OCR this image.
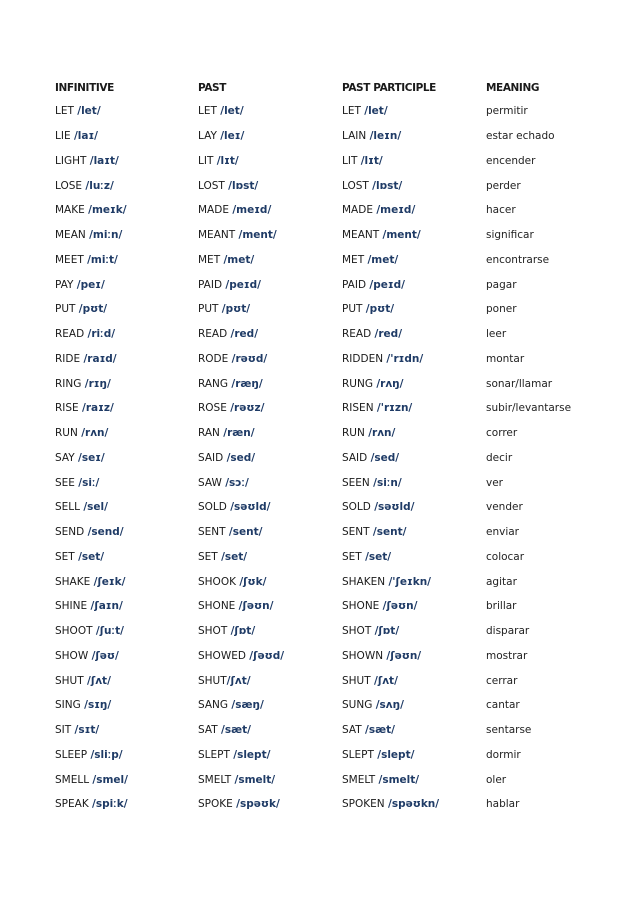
INFINITIVE	PAST	PAST PARTICIPLE	MEANING
LET /let/	LET /let/	LET /let/	permitir
LIE /laɪ/	LAY /leɪ/	LAIN /leɪn/	estar echado
LIGHT /laɪt/	LIT /lɪt/	LIT /lɪt/	encender
LOSE /luːz/	LOST /lɒst/	LOST /lɒst/	perder
MAKE /meɪk/	MADE /meɪd/	MADE /meɪd/	hacer
MEAN /miːn/	MEANT /ment/	MEANT /ment/	significar
MEET /miːt/	MET /met/	MET /met/	encontrarse
PAY /peɪ/	PAID /peɪd/	PAID /peɪd/	pagar
PUT /pʊt/	PUT /pʊt/	PUT /pʊt/	poner
READ /riːd/	READ /red/	READ /red/	leer
RIDE /raɪd/	RODE /rəʊd/	RIDDEN /'rɪdn/	montar
RING /rɪŋ/	RANG /ræŋ/	RUNG /rʌŋ/	sonar/llamar
RISE /raɪz/	ROSE /rəʊz/	RISEN /'rɪzn/	subir/levantarse
RUN /rʌn/	RAN /ræn/	RUN /rʌn/	correr
SAY /seɪ/	SAID /sed/	SAID /sed/	decir
SEE /siː/	SAW /sɔː/	SEEN /siːn/	ver
SELL /sel/	SOLD /səʊld/	SOLD /səʊld/	vender
SEND /send/	SENT /sent/	SENT /sent/	enviar
SET /set/	SET /set/	SET /set/	colocar
SHAKE /ʃeɪk/	SHOOK /ʃʊk/	SHAKEN /'ʃeɪkn/	agitar
SHINE /ʃaɪn/	SHONE /ʃəʊn/	SHONE /ʃəʊn/	brillar
SHOOT /ʃuːt/	SHOT /ʃɒt/	SHOT /ʃɒt/	disparar
SHOW /ʃəʊ/	SHOWED /ʃəʊd/	SHOWN /ʃəʊn/	mostrar
SHUT /ʃʌt/	SHUT/ʃʌt/	SHUT /ʃʌt/	cerrar
SING /sɪŋ/	SANG /sæŋ/	SUNG /sʌŋ/	cantar
SIT /sɪt/	SAT /sæt/	SAT /sæt/	sentarse
SLEEP /sliːp/	SLEPT /slept/	SLEPT /slept/	dormir
SMELL /smel/	SMELT /smelt/	SMELT /smelt/	oler
SPEAK /spiːk/	SPOKE /spəʊk/	SPOKEN /spəʊkn/	hablar
